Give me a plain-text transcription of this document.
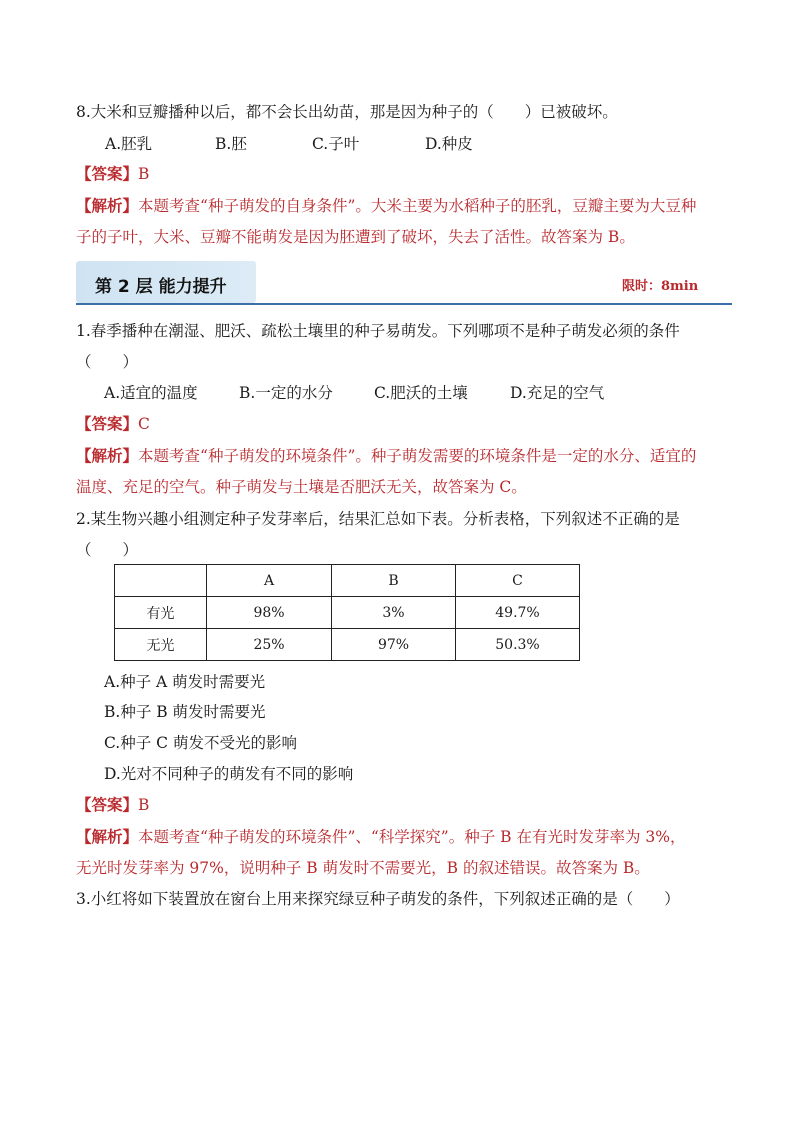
8.大米和豆瓣播种以后，都不会长出幼苗，那是因为种子的（　　）已被破坏。
A.胚乳	B.胚	C.子叶	D.种皮
【答案】B
【解析】本题考查“种子萌发的自身条件”。大米主要为水稻种子的胚乳，豆瓣主要为大豆种
子的子叶，大米、豆瓣不能萌发是因为胚遭到了破坏，失去了活性。故答案为 B。
第 2 层 能力提升	限时：8min
1.春季播种在潮湿、肥沃、疏松土壤里的种子易萌发。下列哪项不是种子萌发必须的条件
（　　）
A.适宜的温度	B.一定的水分	C.肥沃的土壤	D.充足的空气
【答案】C
【解析】本题考查“种子萌发的环境条件”。种子萌发需要的环境条件是一定的水分、适宜的
温度、充足的空气。种子萌发与土壤是否肥沃无关，故答案为 C。
2.某生物兴趣小组测定种子发芽率后，结果汇总如下表。分析表格，下列叙述不正确的是
（　　）
	A	B	C
有光	98%	3%	49.7%
无光	25%	97%	50.3%
A.种子 A 萌发时需要光
B.种子 B 萌发时需要光
C.种子 C 萌发不受光的影响
D.光对不同种子的萌发有不同的影响
【答案】B
【解析】本题考查“种子萌发的环境条件”、“科学探究”。种子 B 在有光时发芽率为 3%，
无光时发芽率为 97%，说明种子 B 萌发时不需要光，B 的叙述错误。故答案为 B。
3.小红将如下装置放在窗台上用来探究绿豆种子萌发的条件，下列叙述正确的是（　　）
